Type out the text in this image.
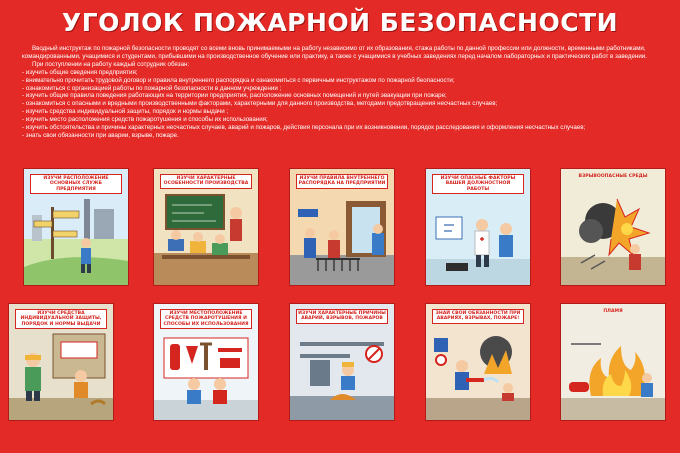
УГОЛОК ПОЖАРНОЙ БЕЗОПАСНОСТИ

Вводный инструктаж по пожарной безопасности проводят со всеми вновь принимаемыми на работу независимо от их образования, стажа работы по данной профессии или должности, временными работниками, командированными, учащимися и студентами, прибывшими на производственное обучение или практику, а также с учащимися в учебных заведениях перед началом лабораторных и практических работ в заведении.

При поступлении на работу каждый сотрудник обязан:

- изучить общие сведения предприятия;
- внимательно прочитать трудовой договор и правила внутреннего распорядка и ознакомиться с первичным инструктажом по пожарной беопасности;
- ознакомиться с организацией работы по пожарной безопасности в данном учреждении ;
- изучить общие правила поведения работающих на территории предприятия, расположение основных помещений и путей эвакуации при пожаре;
- ознакомиться с опасными и вредными производственными факторами, характерными для данного производства, методами предотвращения несчастных случаев;
- изучить средства индивидуальной защиты, порядок и нормы выдачи ;
- изучить место расположения средств пожаротушения и способы их использования;
- изучить обстоятельства и причины характерных несчастных случаев, аварий и пожаров, действия персонала при их возникновении, порядок расследования и оформления несчастных случаев;
- знать свои обязанности при аварии, взрыве, пожаре.
ИЗУЧИ РАСПОЛОЖЕНИЕ ОСНОВНЫХ СЛУЖБ ПРЕДПРИЯТИЯ
ИЗУЧИ ХАРАКТЕРНЫЕ ОСОБЕННОСТИ ПРОИЗВОДСТВА
ИЗУЧИ ПРАВИЛА ВНУТРЕННЕГО РАСПОРЯДКА НА ПРЕДПРИЯТИИ
ИЗУЧИ ОПАСНЫЕ ФАКТОРЫ ВАШЕЙ ДОЛЖНОСТНОЙ РАБОТЫ
ВЗРЫВООПАСНЫЕ СРЕДЫ
ИЗУЧИ СРЕДСТВА ИНДИВИДУАЛЬНОЙ ЗАЩИТЫ, ПОРЯДОК И НОРМЫ ВЫДАЧИ
ИЗУЧИ МЕСТОПОЛОЖЕНИЕ СРЕДСТВ ПОЖАРОТУШЕНИЯ И СПОСОБЫ ИХ ИСПОЛЬЗОВАНИЯ
ИЗУЧИ ХАРАКТЕРНЫЕ ПРИЧИНЫ АВАРИЙ, ВЗРЫВОВ, ПОЖАРОВ
ЗНАЙ СВОИ ОБЯЗАННОСТИ ПРИ АВАРИЯХ, ВЗРЫВАХ, ПОЖАРЕ!
ПЛАМЯ
